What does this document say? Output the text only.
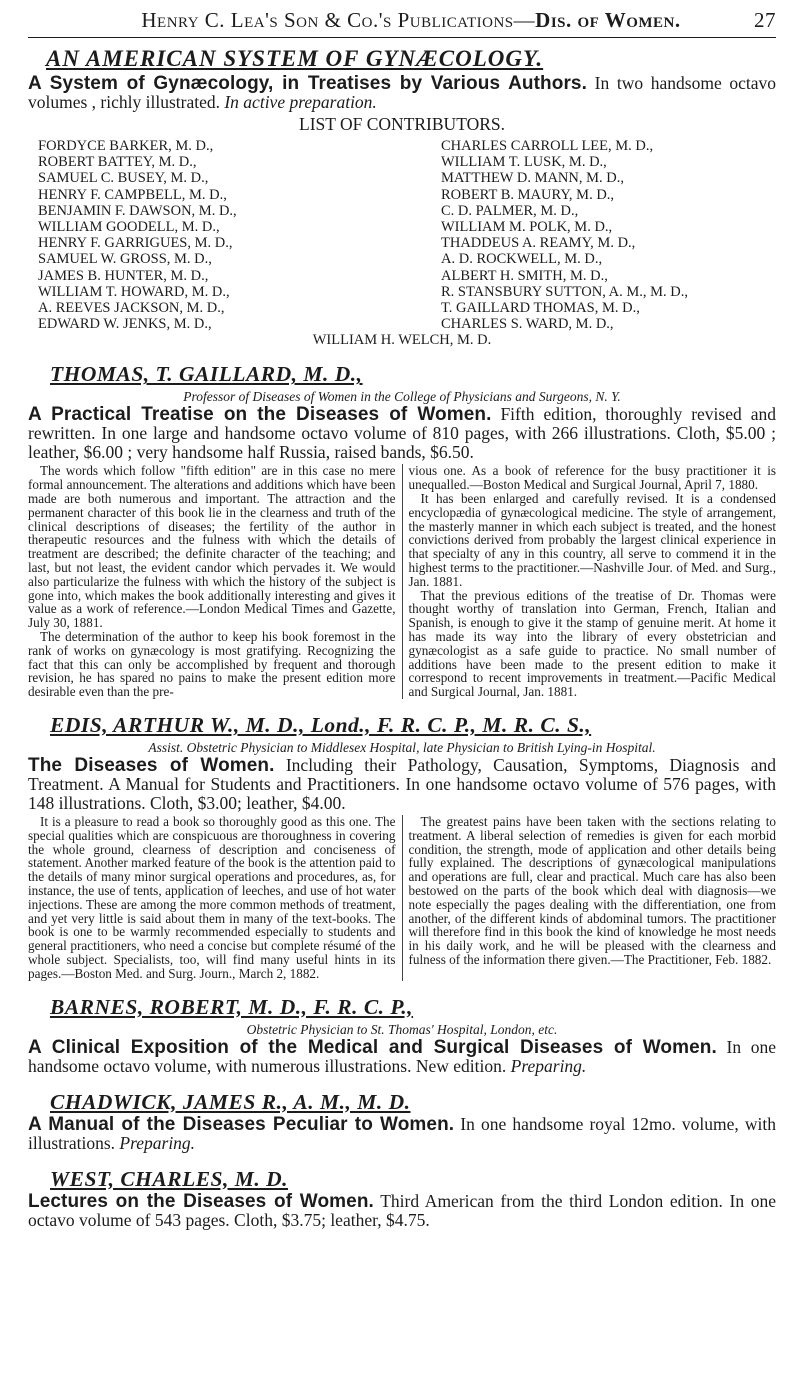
Henry C. Lea's Son & Co.'s Publications—Dis. of Women.	27
AN AMERICAN SYSTEM OF GYNÆCOLOGY.
A System of Gynæcology, in Treatises by Various Authors. In two handsome octavo volumes , richly illustrated. In active preparation.
LIST OF CONTRIBUTORS.
FORDYCE BARKER, M. D.,
ROBERT BATTEY, M. D.,
SAMUEL C. BUSEY, M. D.,
HENRY F. CAMPBELL, M. D.,
BENJAMIN F. DAWSON, M. D.,
WILLIAM GOODELL, M. D.,
HENRY F. GARRIGUES, M. D.,
SAMUEL W. GROSS, M. D.,
JAMES B. HUNTER, M. D.,
WILLIAM T. HOWARD, M. D.,
A. REEVES JACKSON, M. D.,
EDWARD W. JENKS, M. D.,
CHARLES CARROLL LEE, M. D.,
WILLIAM T. LUSK, M. D.,
MATTHEW D. MANN, M. D.,
ROBERT B. MAURY, M. D.,
C. D. PALMER, M. D.,
WILLIAM M. POLK, M. D.,
THADDEUS A. REAMY, M. D.,
A. D. ROCKWELL, M. D.,
ALBERT H. SMITH, M. D.,
R. STANSBURY SUTTON, A. M., M. D.,
T. GAILLARD THOMAS, M. D.,
CHARLES S. WARD, M. D.,
WILLIAM H. WELCH, M. D.
THOMAS, T. GAILLARD, M. D.,
Professor of Diseases of Women in the College of Physicians and Surgeons, N. Y.
A Practical Treatise on the Diseases of Women. Fifth edition, thoroughly revised and rewritten. In one large and handsome octavo volume of 810 pages, with 266 illustrations. Cloth, $5.00 ; leather, $6.00 ; very handsome half Russia, raised bands, $6.50.
The words which follow "fifth edition" are in this case no mere formal announcement. The alterations and additions which have been made are both numerous and important. The attraction and the permanent character of this book lie in the clearness and truth of the clinical descriptions of diseases; the fertility of the author in therapeutic resources and the fulness with which the details of treatment are described; the definite character of the teaching; and last, but not least, the evident candor which pervades it. We would also particularize the fulness with which the history of the subject is gone into, which makes the book additionally interesting and gives it value as a work of reference.—London Medical Times and Gazette, July 30, 1881.
The determination of the author to keep his book foremost in the rank of works on gynæcology is most gratifying. Recognizing the fact that this can only be accomplished by frequent and thorough revision, he has spared no pains to make the present edition more desirable even than the pre-
vious one. As a book of reference for the busy practitioner it is unequalled.—Boston Medical and Surgical Journal, April 7, 1880.
It has been enlarged and carefully revised. It is a condensed encyclopædia of gynæcological medicine. The style of arrangement, the masterly manner in which each subject is treated, and the honest convictions derived from probably the largest clinical experience in that specialty of any in this country, all serve to commend it in the highest terms to the practitioner.—Nashville Jour. of Med. and Surg., Jan. 1881.
That the previous editions of the treatise of Dr. Thomas were thought worthy of translation into German, French, Italian and Spanish, is enough to give it the stamp of genuine merit. At home it has made its way into the library of every obstetrician and gynæcologist as a safe guide to practice. No small number of additions have been made to the present edition to make it correspond to recent improvements in treatment.—Pacific Medical and Surgical Journal, Jan. 1881.
EDIS, ARTHUR W., M. D., Lond., F. R. C. P., M. R. C. S.,
Assist. Obstetric Physician to Middlesex Hospital, late Physician to British Lying-in Hospital.
The Diseases of Women. Including their Pathology, Causation, Symptoms, Diagnosis and Treatment. A Manual for Students and Practitioners. In one handsome octavo volume of 576 pages, with 148 illustrations. Cloth, $3.00; leather, $4.00.
It is a pleasure to read a book so thoroughly good as this one. The special qualities which are conspicuous are thoroughness in covering the whole ground, clearness of description and conciseness of statement. Another marked feature of the book is the attention paid to the details of many minor surgical operations and procedures, as, for instance, the use of tents, application of leeches, and use of hot water injections. These are among the more common methods of treatment, and yet very little is said about them in many of the text-books. The book is one to be warmly recommended especially to students and general practitioners, who need a concise but complete résumé of the whole subject. Specialists, too, will find many useful hints in its pages.—Boston Med. and Surg. Journ., March 2, 1882.
The greatest pains have been taken with the sections relating to treatment. A liberal selection of remedies is given for each morbid condition, the strength, mode of application and other details being fully explained. The descriptions of gynæcological manipulations and operations are full, clear and practical. Much care has also been bestowed on the parts of the book which deal with diagnosis—we note especially the pages dealing with the differentiation, one from another, of the different kinds of abdominal tumors. The practitioner will therefore find in this book the kind of knowledge he most needs in his daily work, and he will be pleased with the clearness and fulness of the information there given.—The Practitioner, Feb. 1882.
BARNES, ROBERT, M. D., F. R. C. P.,
Obstetric Physician to St. Thomas' Hospital, London, etc.
A Clinical Exposition of the Medical and Surgical Diseases of Women. In one handsome octavo volume, with numerous illustrations. New edition. Preparing.
CHADWICK, JAMES R., A. M., M. D.
A Manual of the Diseases Peculiar to Women. In one handsome royal 12mo. volume, with illustrations. Preparing.
WEST, CHARLES, M. D.
Lectures on the Diseases of Women. Third American from the third London edition. In one octavo volume of 543 pages. Cloth, $3.75; leather, $4.75.
